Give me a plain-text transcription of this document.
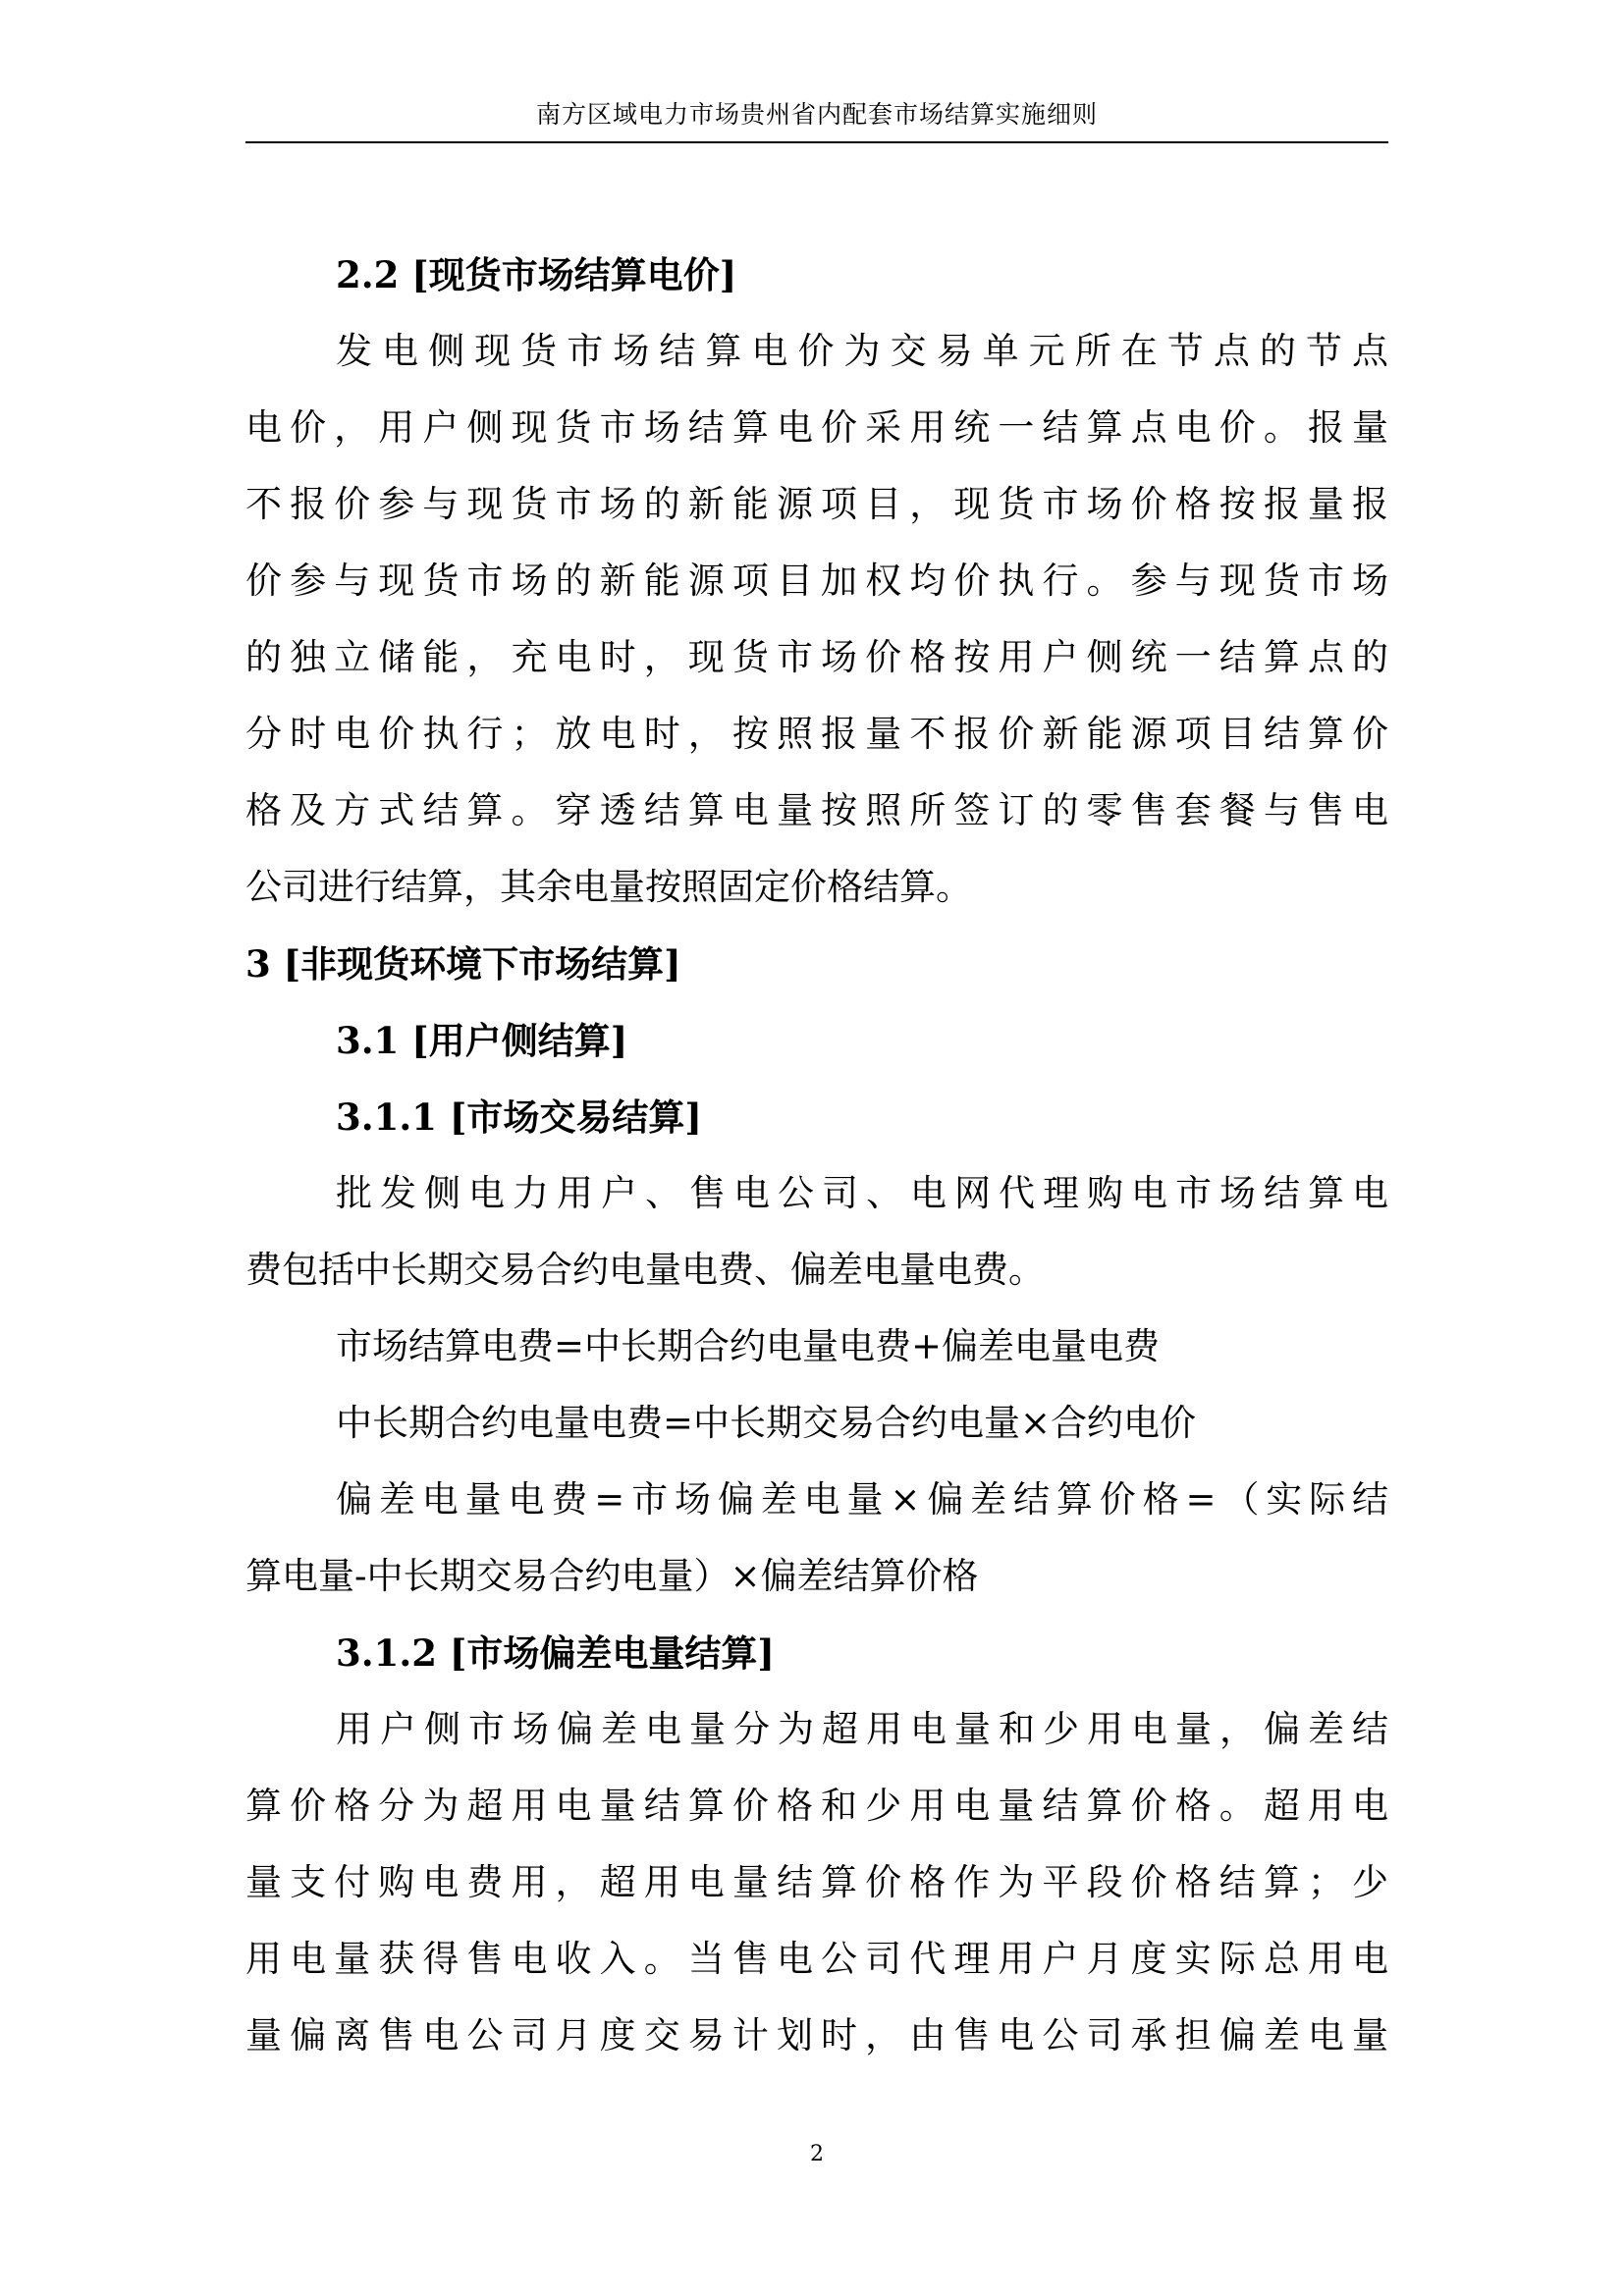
南方区域电力市场贵州省内配套市场结算实施细则
2.2 [现货市场结算电价]
发电侧现货市场结算电价为交易单元所在节点的节点
电价，用户侧现货市场结算电价采用统一结算点电价。报量
不报价参与现货市场的新能源项目，现货市场价格按报量报
价参与现货市场的新能源项目加权均价执行。参与现货市场
的独立储能，充电时，现货市场价格按用户侧统一结算点的
分时电价执行；放电时，按照报量不报价新能源项目结算价
格及方式结算。穿透结算电量按照所签订的零售套餐与售电
公司进行结算，其余电量按照固定价格结算。
3 [非现货环境下市场结算]
3.1 [用户侧结算]
3.1.1 [市场交易结算]
批发侧电力用户、售电公司、电网代理购电市场结算电
费包括中长期交易合约电量电费、偏差电量电费。
市场结算电费=中长期合约电量电费+偏差电量电费
中长期合约电量电费=中长期交易合约电量×合约电价
偏差电量电费=市场偏差电量×偏差结算价格=（实际结
算电量-中长期交易合约电量）×偏差结算价格
3.1.2 [市场偏差电量结算]
用户侧市场偏差电量分为超用电量和少用电量，偏差结
算价格分为超用电量结算价格和少用电量结算价格。超用电
量支付购电费用，超用电量结算价格作为平段价格结算；少
用电量获得售电收入。当售电公司代理用户月度实际总用电
量偏离售电公司月度交易计划时，由售电公司承担偏差电量
2
